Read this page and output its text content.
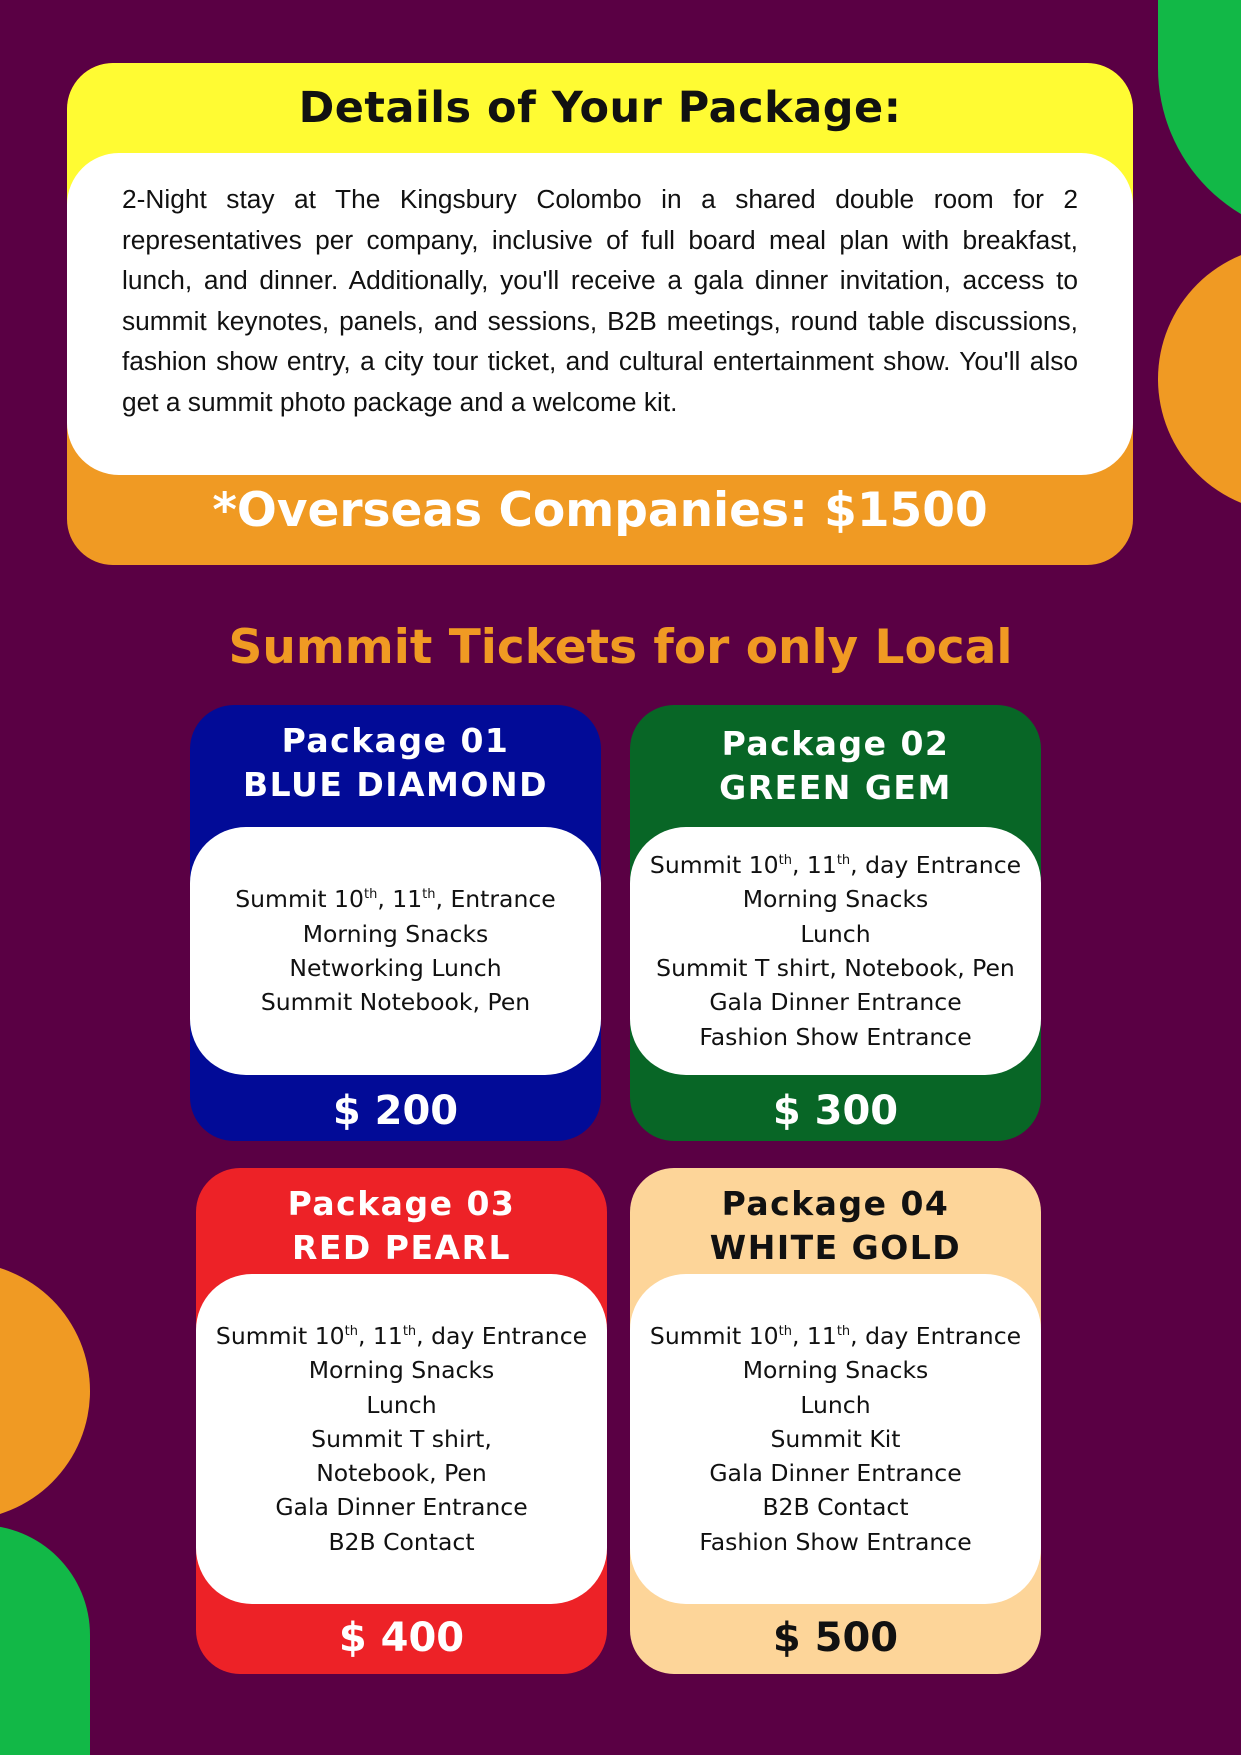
Details of Your Package:

2-Night stay at The Kingsbury Colombo in a shared double room for 2 representatives per company, inclusive of full board meal plan with breakfast, lunch, and dinner. Additionally, you'll receive a gala dinner invitation, access to summit keynotes, panels, and sessions, B2B meetings, round table discussions, fashion show entry, a city tour ticket, and cultural entertainment show. You'll also get a summit photo package and a welcome kit.

*Overseas Companies: $1500
Summit Tickets for only Local
Package 01
BLUE DIAMOND
Summit 10th, 11th, Entrance
Morning Snacks
Networking Lunch
Summit Notebook, Pen
$ 200
Package 02
GREEN GEM
Summit 10th, 11th, day Entrance
Morning Snacks
Lunch
Summit T shirt, Notebook, Pen
Gala Dinner Entrance
Fashion Show Entrance
$ 300
Package 03
RED PEARL
Summit 10th, 11th, day Entrance
Morning Snacks
Lunch
Summit T shirt,
Notebook, Pen
Gala Dinner Entrance
B2B Contact
$ 400
Package 04
WHITE GOLD
Summit 10th, 11th, day Entrance
Morning Snacks
Lunch
Summit Kit
Gala Dinner Entrance
B2B Contact
Fashion Show Entrance
$ 500
